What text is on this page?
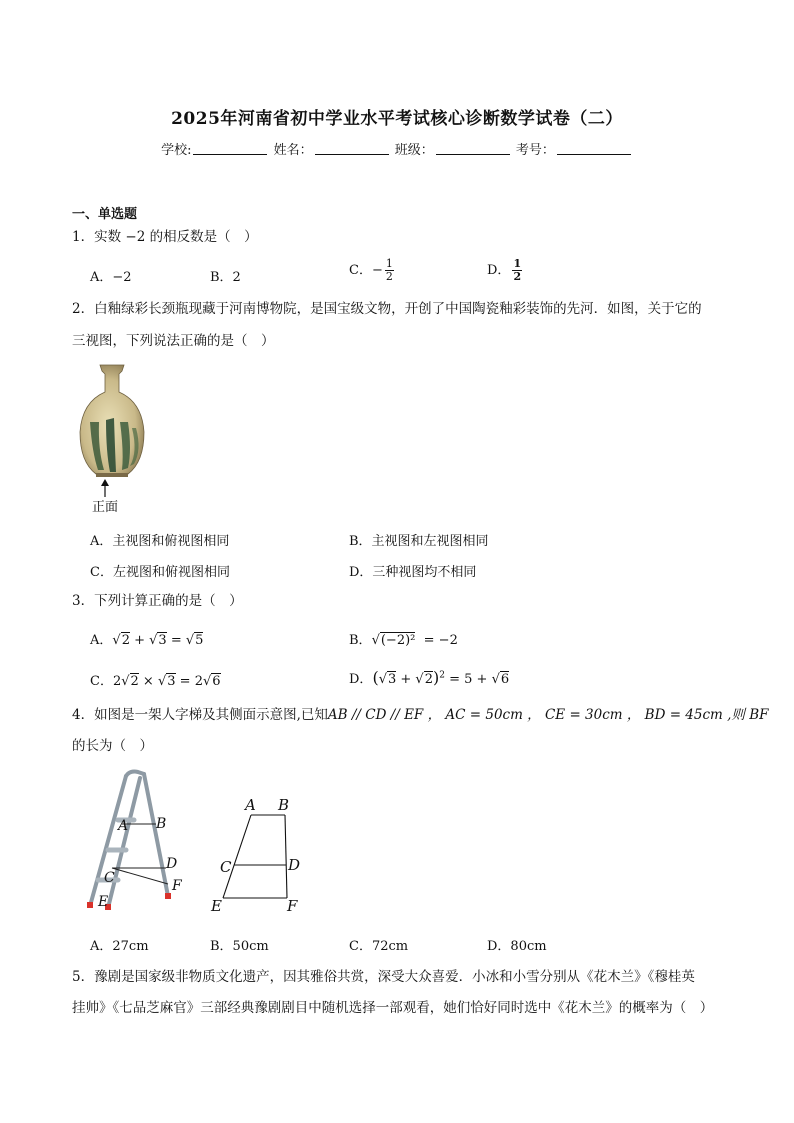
2025年河南省初中学业水平考试核心诊断数学试卷（二）
学校:	姓名：	班级：	考号：
一、单选题
1．实数 −2 的相反数是（　）
A．−2	B．2	C．− $\frac{1}{2}$	D． $\frac{1}{2}$
2．白釉绿彩长颈瓶现藏于河南博物院，是国宝级文物，开创了中国陶瓷釉彩装饰的先河．如图，关于它的
三视图，下列说法正确的是（　）
正面
A．主视图和俯视图相同	B．主视图和左视图相同
C．左视图和俯视图相同	D．三种视图均不相同
3．下列计算正确的是（　）
A．√2 + √3 = √5	B．√(−2)²  = −2
C．2√2 × √3 = 2√6	D．$(√3 + √2)^2 = 5 + √6$
4．如图是一架人字梯及其侧面示意图,已知AB // CD // EF ， AC = 50cm ， CE = 30cm ， BD = 45cm ,则 BF
的长为（　）
A B
C
D
E
F
A B
C	D
E	F
A．27cm	B．50cm	C．72cm	D．80cm
5．豫剧是国家级非物质文化遗产，因其雅俗共赏，深受大众喜爱．小冰和小雪分别从《花木兰》《穆桂英
挂帅》《七品芝麻官》三部经典豫剧剧目中随机选择一部观看，她们恰好同时选中《花木兰》的概率为（　）
